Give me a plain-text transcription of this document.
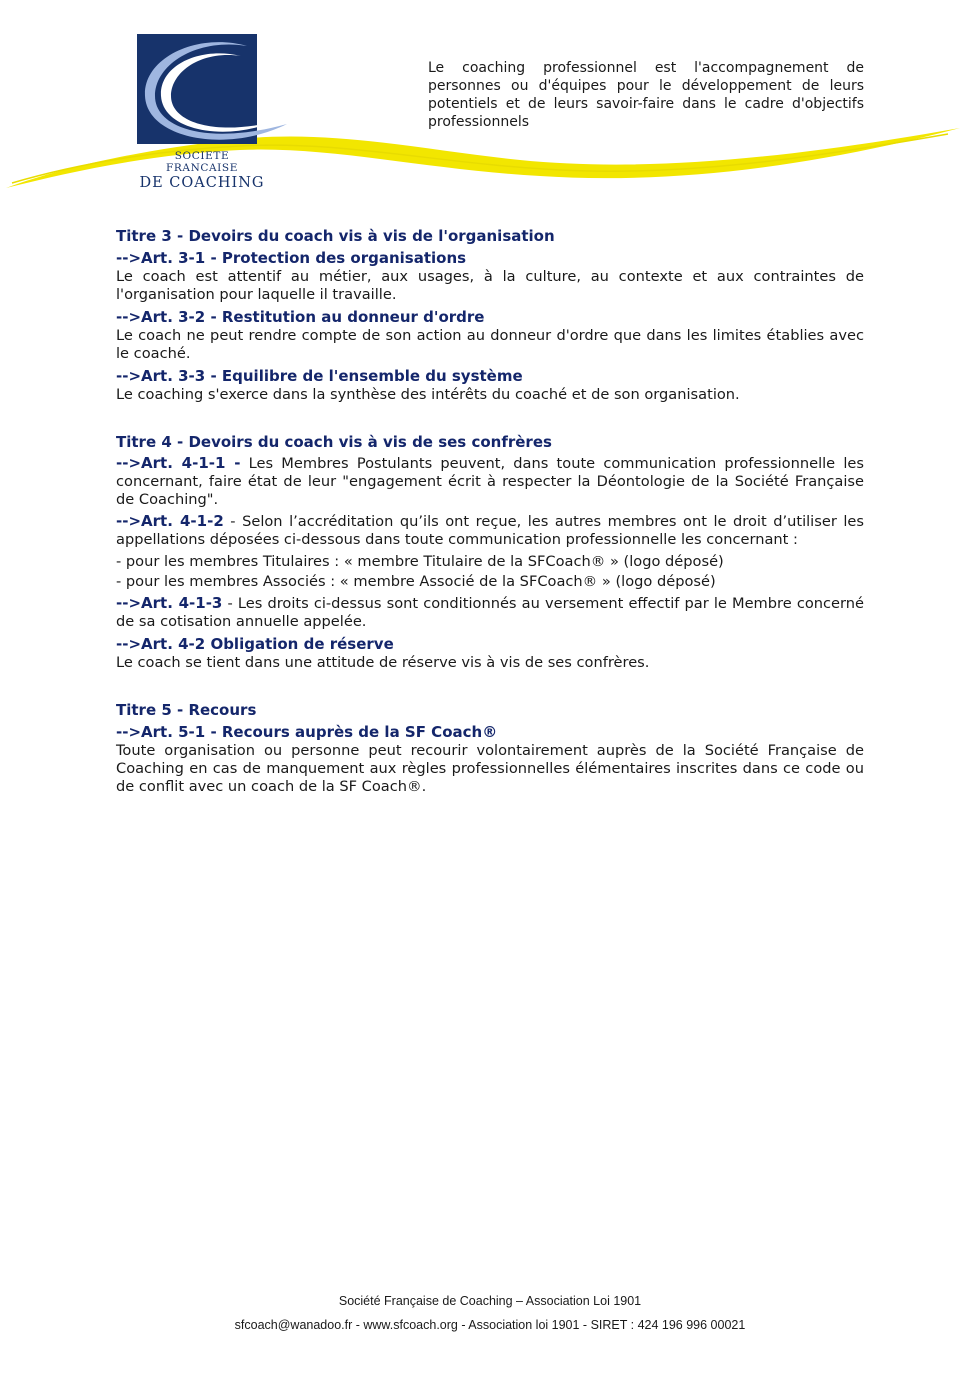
SOCIETE FRANCAISE
DE COACHING
Le coaching professionnel est l'accompagnement de personnes ou d'équipes pour le développement de leurs potentiels et de leurs savoir-faire dans le cadre d'objectifs professionnels
Titre 3 - Devoirs du coach vis à vis de l'organisation
-->Art. 3-1 - Protection des organisations
Le coach est attentif au métier, aux usages, à la culture, au contexte et aux contraintes de l'organisation pour laquelle il travaille.
-->Art. 3-2 - Restitution au donneur d'ordre
Le coach ne peut rendre compte de son action au donneur d'ordre que dans les limites établies avec le coaché.
-->Art. 3-3 - Equilibre de l'ensemble du système
Le coaching s'exerce dans la synthèse des intérêts du coaché et de son organisation.
Titre 4 - Devoirs du coach vis à vis de ses confrères
-->Art. 4-1-1 - Les Membres Postulants peuvent, dans toute communication professionnelle les concernant, faire état de leur "engagement écrit à respecter la Déontologie de la Société Française de Coaching".
-->Art. 4-1-2 - Selon l’accréditation qu’ils ont reçue, les autres membres ont le droit d’utiliser les appellations déposées ci-dessous dans toute communication professionnelle les concernant :
- pour les membres Titulaires : « membre Titulaire de la SFCoach® » (logo déposé)
- pour les membres Associés : « membre Associé de la SFCoach® » (logo déposé)
-->Art. 4-1-3 - Les droits ci-dessus sont conditionnés au versement effectif par le Membre concerné de sa cotisation annuelle appelée.
-->Art. 4-2 Obligation de réserve
Le coach se tient dans une attitude de réserve vis à vis de ses confrères.
Titre 5 - Recours
-->Art. 5-1 - Recours auprès de la SF Coach®
Toute organisation ou personne peut recourir volontairement auprès de la Société Française de Coaching en cas de manquement aux règles professionnelles élémentaires inscrites dans ce code ou de conflit avec un coach de la SF Coach®.
Société Française de Coaching – Association Loi 1901
sfcoach@wanadoo.fr - www.sfcoach.org - Association loi 1901 - SIRET : 424 196 996 00021
